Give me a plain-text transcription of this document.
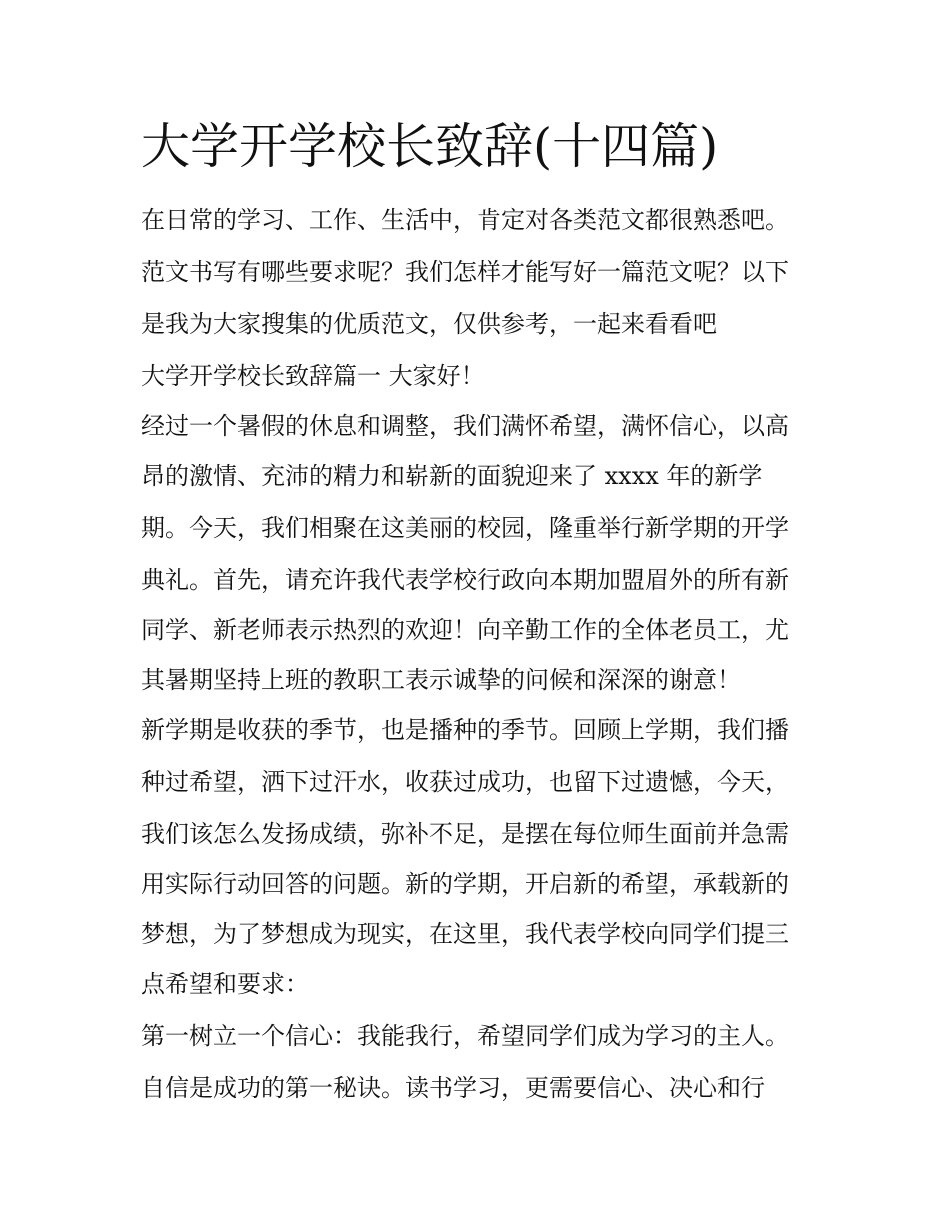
大学开学校长致辞(十四篇)

在日常的学习、工作、生活中，肯定对各类范文都很熟悉吧。

范文书写有哪些要求呢？我们怎样才能写好一篇范文呢？以下

是我为大家搜集的优质范文，仅供参考，一起来看看吧

大学开学校长致辞篇一 大家好！

经过一个暑假的休息和调整，我们满怀希望，满怀信心，以高

昂的激情、充沛的精力和崭新的面貌迎来了 xxxx 年的新学

期。今天，我们相聚在这美丽的校园，隆重举行新学期的开学

典礼。首先，请充许我代表学校行政向本期加盟眉外的所有新

同学、新老师表示热烈的欢迎！向辛勤工作的全体老员工，尤

其暑期坚持上班的教职工表示诚挚的问候和深深的谢意！

新学期是收获的季节，也是播种的季节。回顾上学期，我们播

种过希望，洒下过汗水，收获过成功，也留下过遗憾，今天，

我们该怎么发扬成绩，弥补不足，是摆在每位师生面前并急需

用实际行动回答的问题。新的学期，开启新的希望，承载新的

梦想，为了梦想成为现实，在这里，我代表学校向同学们提三

点希望和要求：

第一树立一个信心：我能我行，希望同学们成为学习的主人。

自信是成功的第一秘诀。读书学习，更需要信心、决心和行
